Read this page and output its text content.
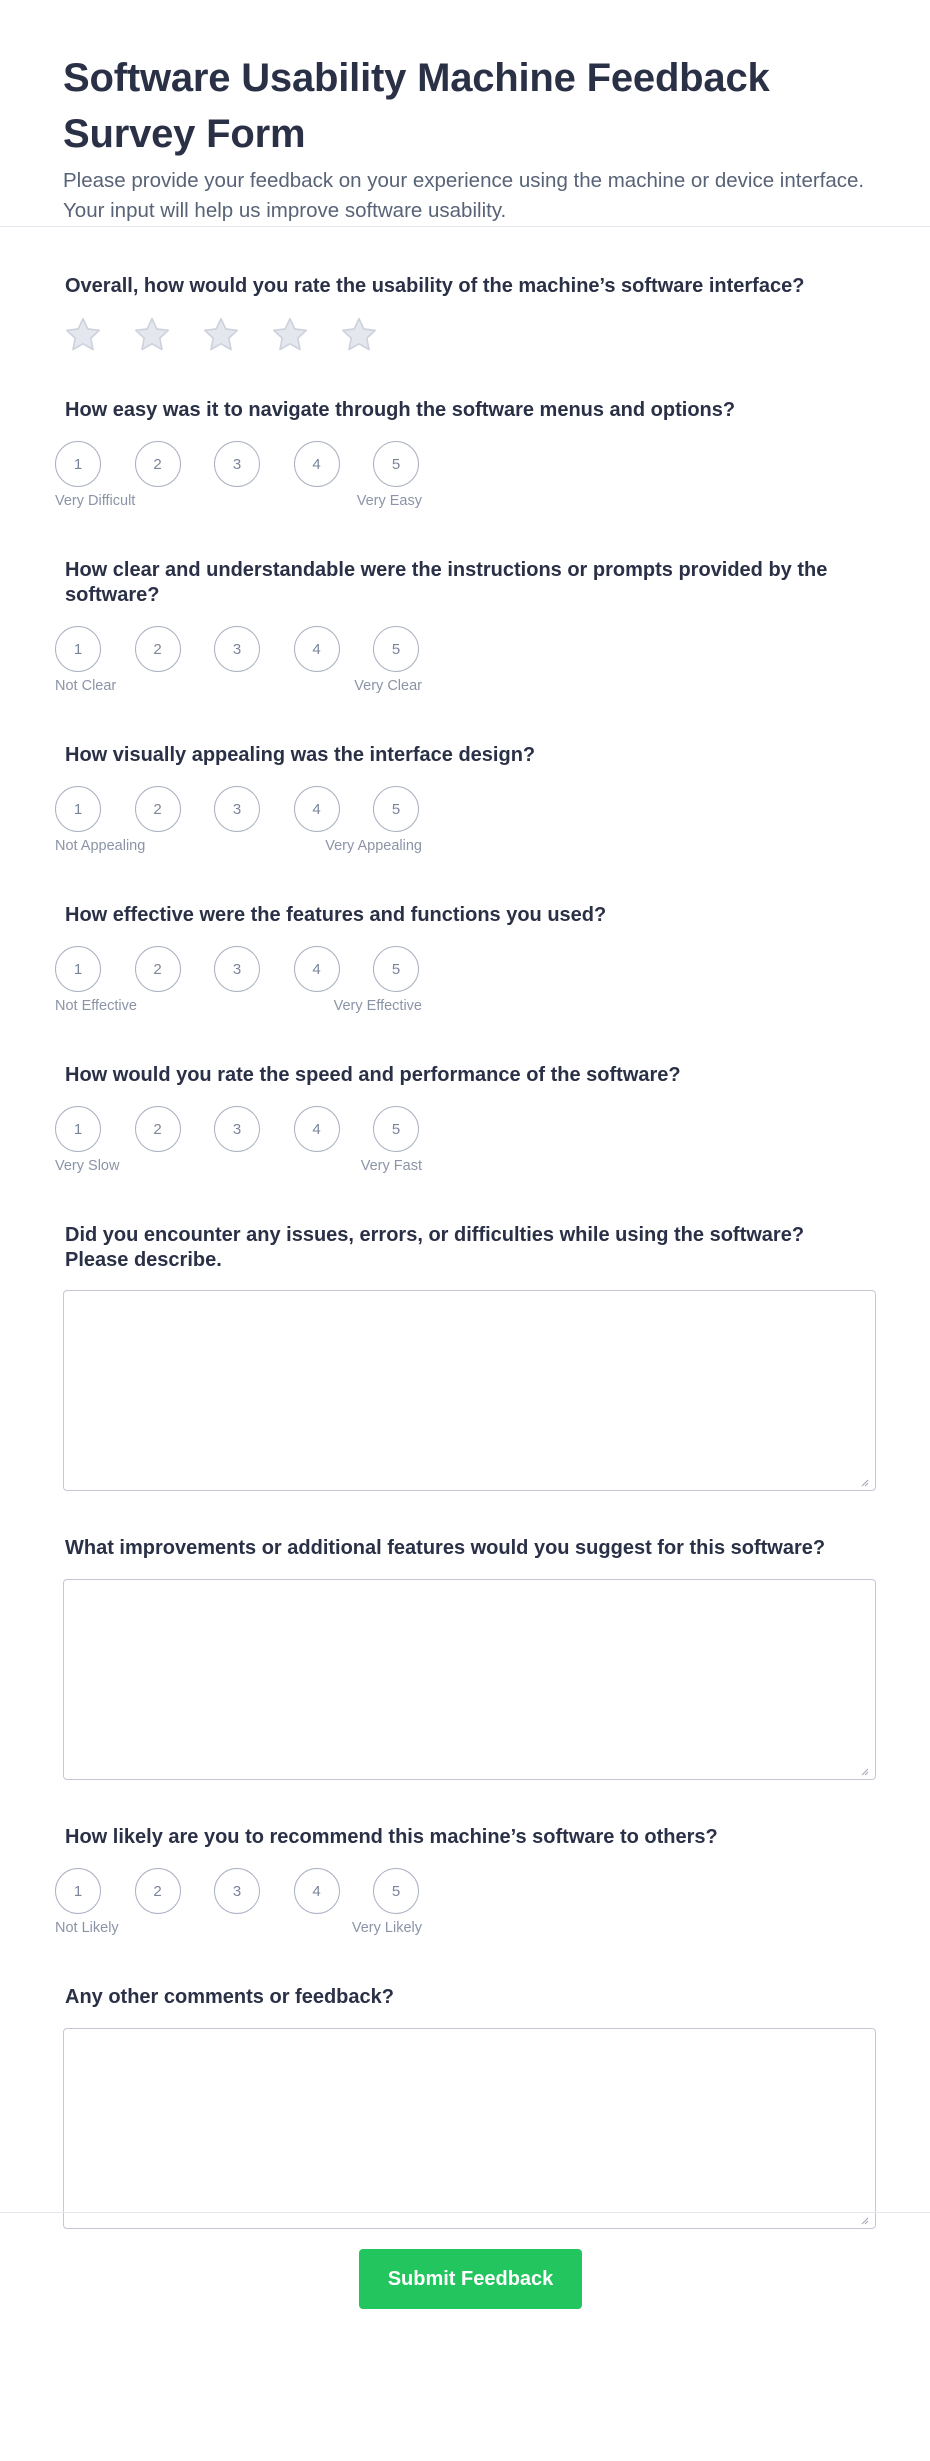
Software Usability Machine Feedback Survey Form
Please provide your feedback on your experience using the machine or device interface. Your input will help us improve software usability.
Overall, how would you rate the usability of the machine’s software interface?
How easy was it to navigate through the software menus and options?
1	2	3	4	5
Very Difficult	Very Easy
How clear and understandable were the instructions or prompts provided by the software?
1	2	3	4	5
Not Clear	Very Clear
How visually appealing was the interface design?
1	2	3	4	5
Not Appealing	Very Appealing
How effective were the features and functions you used?
1	2	3	4	5
Not Effective	Very Effective
How would you rate the speed and performance of the software?
1	2	3	4	5
Very Slow	Very Fast
Did you encounter any issues, errors, or difficulties while using the software? Please describe.
What improvements or additional features would you suggest for this software?
How likely are you to recommend this machine’s software to others?
1	2	3	4	5
Not Likely	Very Likely
Any other comments or feedback?
Submit Feedback
